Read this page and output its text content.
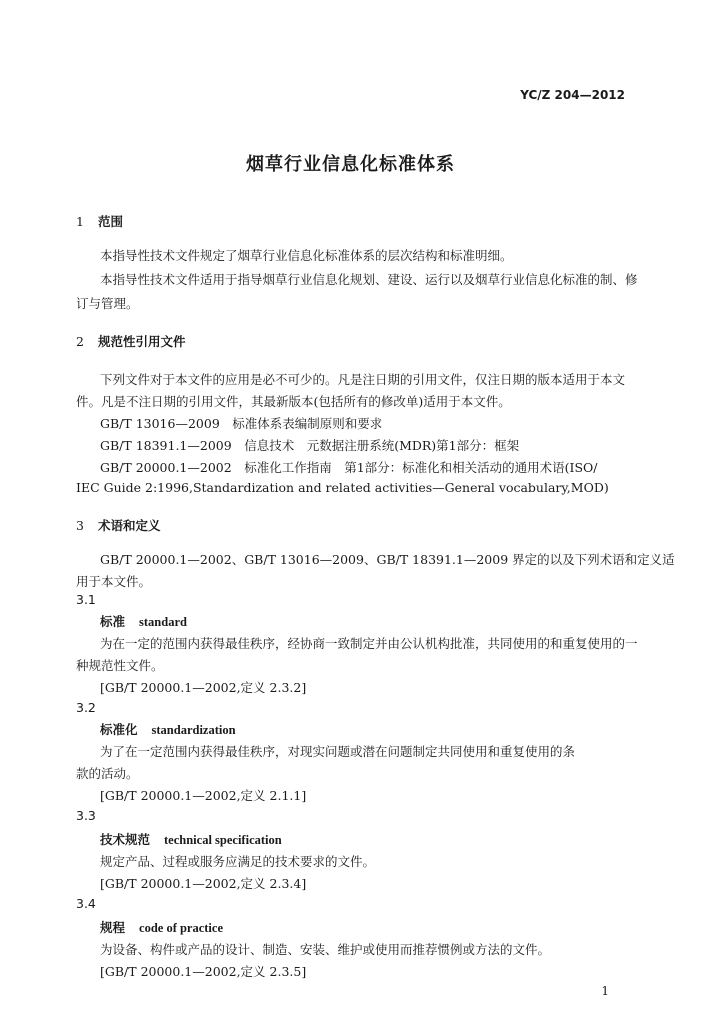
YC/Z 204—2012
烟草行业信息化标准体系
1 范围
本指导性技术文件规定了烟草行业信息化标准体系的层次结构和标准明细。
本指导性技术文件适用于指导烟草行业信息化规划、建设、运行以及烟草行业信息化标准的制、修
订与管理。
2 规范性引用文件
下列文件对于本文件的应用是必不可少的。凡是注日期的引用文件，仅注日期的版本适用于本文
件。凡是不注日期的引用文件，其最新版本(包括所有的修改单)适用于本文件。
GB/T 13016—2009　标准体系表编制原则和要求
GB/T 18391.1—2009　信息技术　元数据注册系统(MDR)第1部分：框架
GB/T 20000.1—2002　标准化工作指南　第1部分：标准化和相关活动的通用术语(ISO/
IEC Guide 2:1996,Standardization and related activities—General vocabulary,MOD)
3 术语和定义
GB/T 20000.1—2002、GB/T 13016—2009、GB/T 18391.1—2009 界定的以及下列术语和定义适
用于本文件。
3.1
标准 standard
为在一定的范围内获得最佳秩序，经协商一致制定并由公认机构批准，共同使用的和重复使用的一
种规范性文件。
[GB/T 20000.1—2002,定义 2.3.2]
3.2
标准化 standardization
为了在一定范围内获得最佳秩序，对现实问题或潜在问题制定共同使用和重复使用的条
款的活动。
[GB/T 20000.1—2002,定义 2.1.1]
3.3
技术规范 technical specification
规定产品、过程或服务应满足的技术要求的文件。
[GB/T 20000.1—2002,定义 2.3.4]
3.4
规程 code of practice
为设备、构件或产品的设计、制造、安装、维护或使用而推荐惯例或方法的文件。
[GB/T 20000.1—2002,定义 2.3.5]
1
